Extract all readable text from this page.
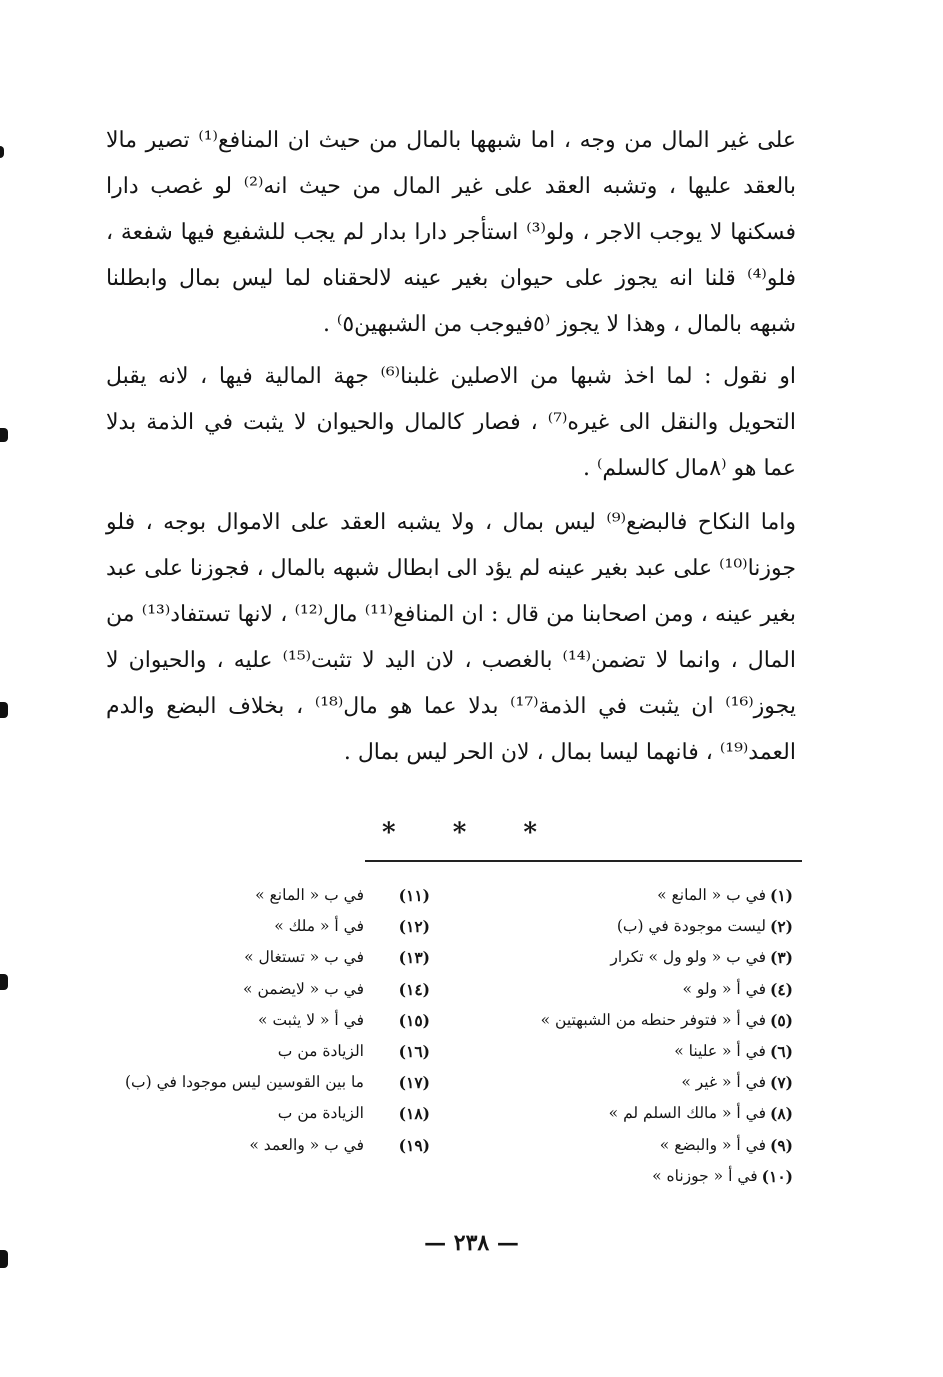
على غير المال من وجه ، اما شبهها بالمال من حيث ان المنافع⁽¹⁾ تصير مالا بالعقد عليها ، وتشبه العقد على غير المال من حيث انه⁽²⁾ لو غصب دارا فسكنها لا يوجب الاجر ، ولو⁽³⁾ استأجر دارا بدار لم يجب للشفيع فيها شفعة ، فلو⁽⁴⁾ قلنا انه يجوز على حيوان بغير عينه لالحقناه لما ليس بمال وابطلنا شبهه بالمال ، وهذا لا يجوز ⁽٥فيوجب من الشبهين٥⁾ .

او نقول : لما اخذ شبها من الاصلين غلبنا⁽⁶⁾ جهة المالية فيها ، لانه يقبل التحويل والنقل الى غيره⁽⁷⁾ ، فصار كالمال والحيوان لا يثبت في الذمة بدلا عما هو ⁽٨مال كالسلم⁾ .

واما النكاح فالبضع⁽⁹⁾ ليس بمال ، ولا يشبه العقد على الاموال بوجه ، فلو جوزنا⁽¹⁰⁾ على عبد بغير عينه لم يؤد الى ابطال شبهه بالمال ، فجوزنا على عبد بغير عينه ، ومن اصحابنا من قال : ان المنافع⁽¹¹⁾ مال⁽¹²⁾ ، لانها تستفاد⁽¹³⁾ من المال ، وانما لا تضمن⁽¹⁴⁾ بالغصب ، لان اليد لا تثبت⁽¹⁵⁾ عليه ، والحيوان لا يجوز⁽¹⁶⁾ ان يثبت في الذمة⁽¹⁷⁾ بدلا عما هو مال⁽¹⁸⁾ ، بخلاف البضع والدم العمد⁽¹⁹⁾ ، فانهما ليسا بمال ، لان الحر ليس بمال .

* * *
(١)
في ب « المانع »
(٢)
ليست موجودة في (ب)
(٣)
في ب « ولو ول » تكرار
(٤)
في أ « ولو »
(٥)
في أ « فتوفر حنطه من الشبهتين »
(٦)
في أ « علينا »
(٧)
في أ « غير »
(٨)
في أ « مالك السلم لم »
(٩)
في أ « والبضع »
(١٠)
في أ « جوزناه »
(١١)
في ب « المانع »
(١٢)
في أ « ملك »
(١٣)
في ب « تستغال »
(١٤)
في ب « لايضمن »
(١٥)
في أ « لا يثبت »
(١٦)
الزيادة من ب
(١٧)
ما بين القوسين ليس موجودا في (ب)
(١٨)
الزيادة من ب
(١٩)
في ب « والعمد »
— ٢٣٨ —
